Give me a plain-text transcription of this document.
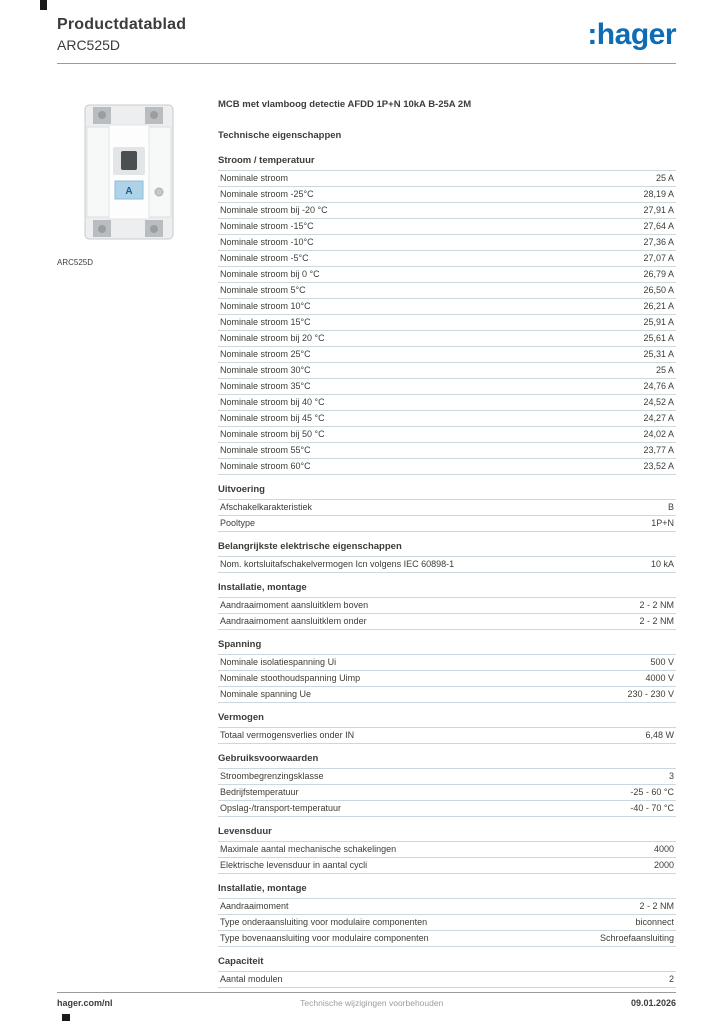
Productdatablad
ARC525D	:hager
A
ARC525D
MCB met vlamboog detectie AFDD 1P+N 10kA B-25A 2M
Technische eigenschappen
Stroom / temperatuur
Nominale stroom	25 A
Nominale stroom -25°C	28,19 A
Nominale stroom bij -20 °C	27,91 A
Nominale stroom -15°C	27,64 A
Nominale stroom -10°C	27,36 A
Nominale stroom -5°C	27,07 A
Nominale stroom bij 0 °C	26,79 A
Nominale stroom 5°C	26,50 A
Nominale stroom 10°C	26,21 A
Nominale stroom 15°C	25,91 A
Nominale stroom bij 20 °C	25,61 A
Nominale stroom 25°C	25,31 A
Nominale stroom 30°C	25 A
Nominale stroom 35°C	24,76 A
Nominale stroom bij 40 °C	24,52 A
Nominale stroom bij 45 °C	24,27 A
Nominale stroom bij 50 °C	24,02 A
Nominale stroom 55°C	23,77 A
Nominale stroom 60°C	23,52 A
Uitvoering
Afschakelkarakteristiek	B
Pooltype	1P+N
Belangrijkste elektrische eigenschappen
Nom. kortsluitafschakelvermogen Icn volgens IEC 60898-1	10 kA
Installatie, montage
Aandraaimoment aansluitklem boven	2 - 2 NM
Aandraaimoment aansluitklem onder	2 - 2 NM
Spanning
Nominale isolatiespanning Ui	500 V
Nominale stoothoudspanning Uimp	4000 V
Nominale spanning Ue	230 - 230 V
Vermogen
Totaal vermogensverlies onder IN	6,48 W
Gebruiksvoorwaarden
Stroombegrenzingsklasse	3
Bedrijfstemperatuur	-25 - 60 °C
Opslag-/transport-temperatuur	-40 - 70 °C
Levensduur
Maximale aantal mechanische schakelingen	4000
Elektrische levensduur in aantal cycli	2000
Installatie, montage
Aandraaimoment	2 - 2 NM
Type onderaansluiting voor modulaire componenten	biconnect
Type bovenaansluiting voor modulaire componenten	Schroefaansluiting
Capaciteit
Aantal modulen	2
hager.com/nl	Technische wijzigingen voorbehouden	09.01.2026
